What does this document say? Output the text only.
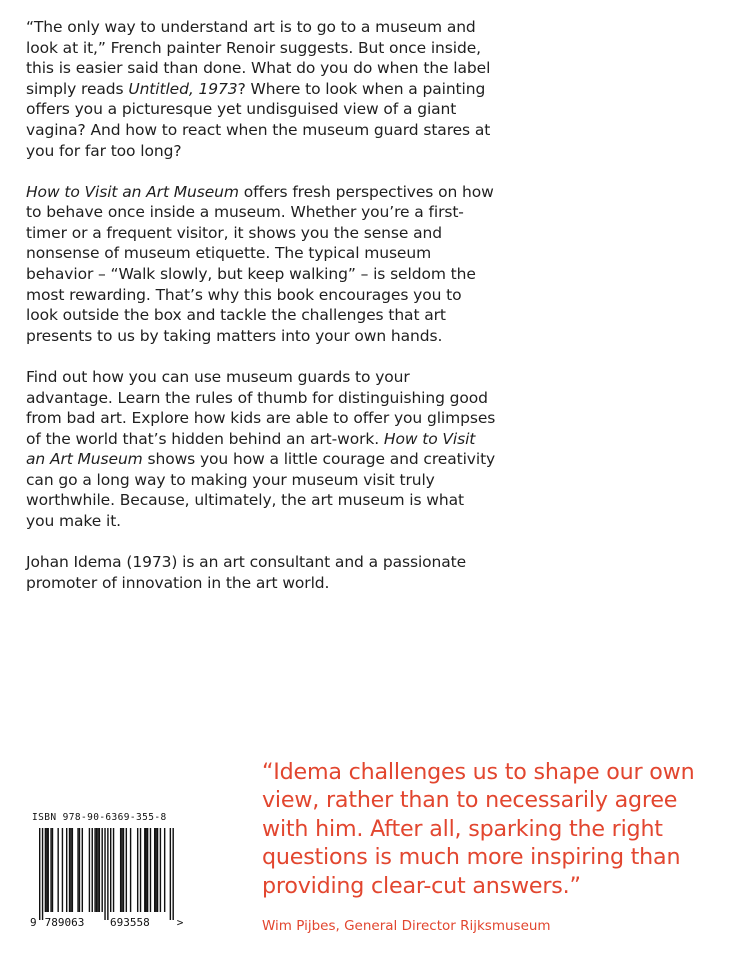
“The only way to understand art is to go to a museum and look at it,” French painter Renoir suggests. But once inside, this is easier said than done. What do you do when the label simply reads Untitled, 1973? Where to look when a painting offers you a picturesque yet undisguised view of a giant vagina? And how to react when the museum guard stares at you for far too long?

How to Visit an Art Museum offers fresh perspectives on how to behave once inside a museum. Whether you’re a first-timer or a frequent visitor, it shows you the sense and nonsense of museum etiquette. The typical museum behavior – “Walk slowly, but keep walking” – is seldom the most rewarding. That’s why this book encourages you to look outside the box and tackle the challenges that art presents to us by taking matters into your own hands.

Find out how you can use museum guards to your advantage. Learn the rules of thumb for distinguishing good from bad art. Explore how kids are able to offer you glimpses of the world that’s hidden behind an art-work. How to Visit an Art Museum shows you how a little courage and creativity can go a long way to making your museum visit truly worthwhile. Because, ultimately, the art museum is what you make it.

Johan Idema (1973) is an art consultant and a passionate promoter of innovation in the art world.

“Idema challenges us to shape our own view, rather than to necessarily agree with him. After all, sparking the right questions is much more inspiring than providing clear-cut answers.”

Wim Pijbes, General Director Rijksmuseum
ISBN 978-90-6369-355-8
9 789063 693558 >
